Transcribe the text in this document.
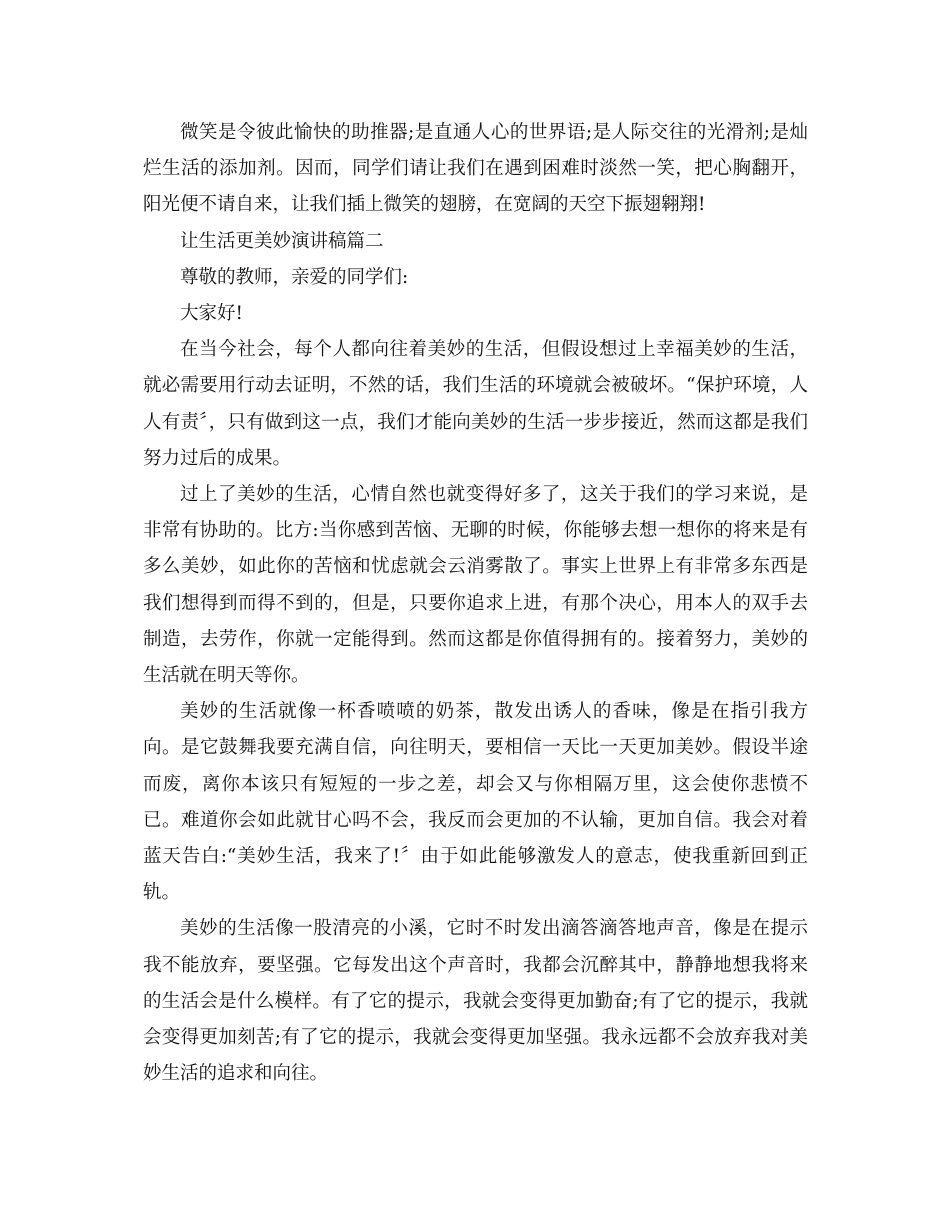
微笑是令彼此愉快的助推器;是直通人心的世界语;是人际交往的光滑剂;是灿烂生活的添加剂。因而，同学们请让我们在遇到困难时淡然一笑，把心胸翻开，阳光便不请自来，让我们插上微笑的翅膀，在宽阔的天空下振翅翱翔!

让生活更美妙演讲稿篇二

尊敬的教师，亲爱的同学们:

大家好!

在当今社会，每个人都向往着美妙的生活，但假设想过上幸福美妙的生活，就必需要用行动去证明，不然的话，我们生活的环境就会被破坏。“保护环境，人人有责〞，只有做到这一点，我们才能向美妙的生活一步步接近，然而这都是我们努力过后的成果。

过上了美妙的生活，心情自然也就变得好多了，这关于我们的学习来说，是非常有协助的。比方:当你感到苦恼、无聊的时候，你能够去想一想你的将来是有多么美妙，如此你的苦恼和忧虑就会云消雾散了。事实上世界上有非常多东西是我们想得到而得不到的，但是，只要你追求上进，有那个决心，用本人的双手去制造，去劳作，你就一定能得到。然而这都是你值得拥有的。接着努力，美妙的生活就在明天等你。

美妙的生活就像一杯香喷喷的奶茶，散发出诱人的香味，像是在指引我方向。是它鼓舞我要充满自信，向往明天，要相信一天比一天更加美妙。假设半途而废，离你本该只有短短的一步之差，却会又与你相隔万里，这会使你悲愤不已。难道你会如此就甘心吗不会，我反而会更加的不认输，更加自信。我会对着蓝天告白:“美妙生活，我来了!〞由于如此能够激发人的意志，使我重新回到正轨。

美妙的生活像一股清亮的小溪，它时不时发出滴答滴答地声音，像是在提示我不能放弃，要坚强。它每发出这个声音时，我都会沉醉其中，静静地想我将来的生活会是什么模样。有了它的提示，我就会变得更加勤奋;有了它的提示，我就会变得更加刻苦;有了它的提示，我就会变得更加坚强。我永远都不会放弃我对美妙生活的追求和向往。
